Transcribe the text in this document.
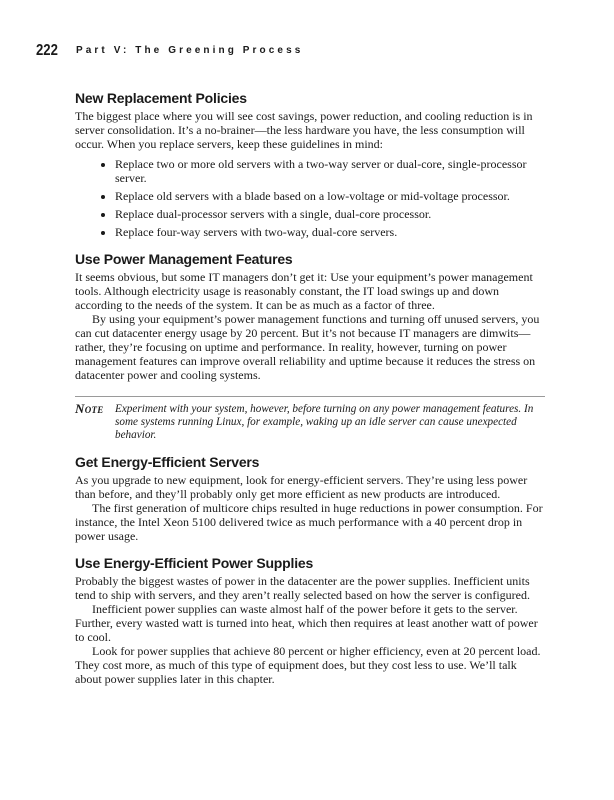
222 Part V: The Greening Process
New Replacement Policies

The biggest place where you will see cost savings, power reduction, and cooling reduction is in server consolidation. It’s a no-brainer—the less hardware you have, the less consumption will occur. When you replace servers, keep these guidelines in mind:

• Replace two or more old servers with a two-way server or dual-core, single-processor server.
• Replace old servers with a blade based on a low-voltage or mid-voltage processor.
• Replace dual-processor servers with a single, dual-core processor.
• Replace four-way servers with two-way, dual-core servers.
Use Power Management Features

It seems obvious, but some IT managers don’t get it: Use your equipment’s power management tools. Although electricity usage is reasonably constant, the IT load swings up and down according to the needs of the system. It can be as much as a factor of three.

By using your equipment’s power management functions and turning off unused servers, you can cut datacenter energy usage by 20 percent. But it’s not because IT managers are dimwits—rather, they’re focusing on uptime and performance. In reality, however, turning on power management features can improve overall reliability and uptime because it reduces the stress on datacenter power and cooling systems.

Note Experiment with your system, however, before turning on any power management features. In some systems running Linux, for example, waking up an idle server can cause unexpected behavior.
Get Energy-Efficient Servers

As you upgrade to new equipment, look for energy-efficient servers. They’re using less power than before, and they’ll probably only get more efficient as new products are introduced.

The first generation of multicore chips resulted in huge reductions in power consumption. For instance, the Intel Xeon 5100 delivered twice as much performance with a 40 percent drop in power usage.

Use Energy-Efficient Power Supplies

Probably the biggest wastes of power in the datacenter are the power supplies. Inefficient units tend to ship with servers, and they aren’t really selected based on how the server is configured.

Inefficient power supplies can waste almost half of the power before it gets to the server. Further, every wasted watt is turned into heat, which then requires at least another watt of power to cool.

Look for power supplies that achieve 80 percent or higher efficiency, even at 20 percent load. They cost more, as much of this type of equipment does, but they cost less to use. We’ll talk about power supplies later in this chapter.
